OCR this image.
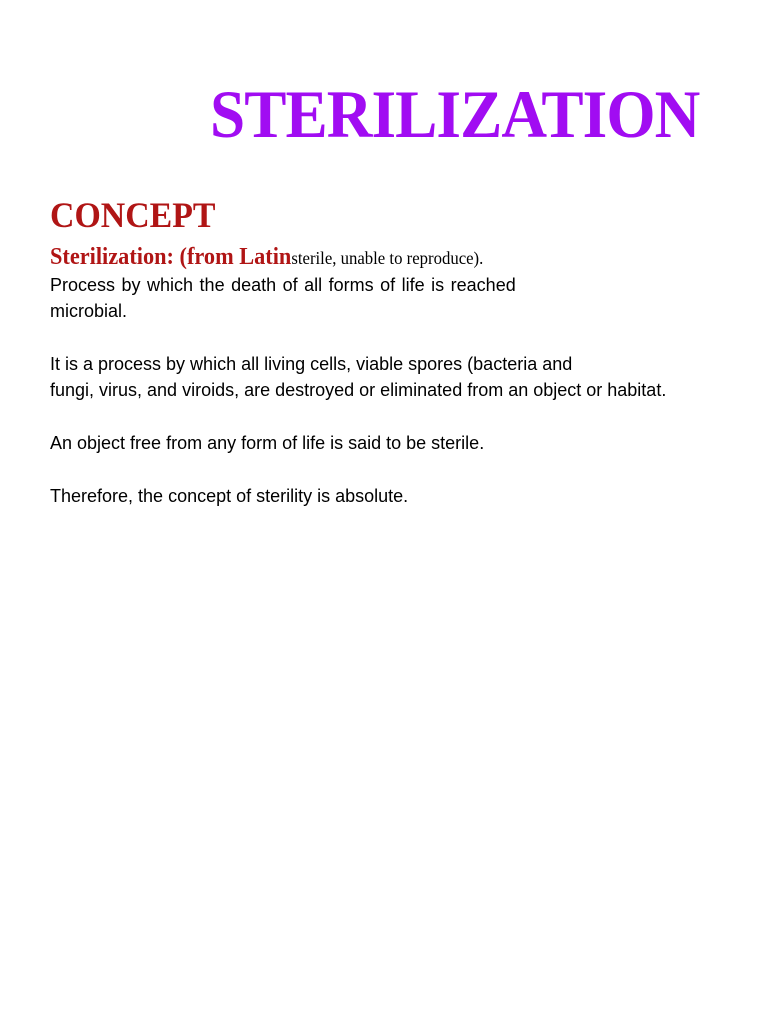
STERILIZATION
CONCEPT

Sterilization: (from Latinsterile, unable to reproduce).

Process by which the death of all forms of life is reached
microbial.

It is a process by which all living cells, viable spores (bacteria and
fungi, virus, and viroids, are destroyed or eliminated from an object or habitat.

An object free from any form of life is said to be sterile.

Therefore, the concept of sterility is absolute.
